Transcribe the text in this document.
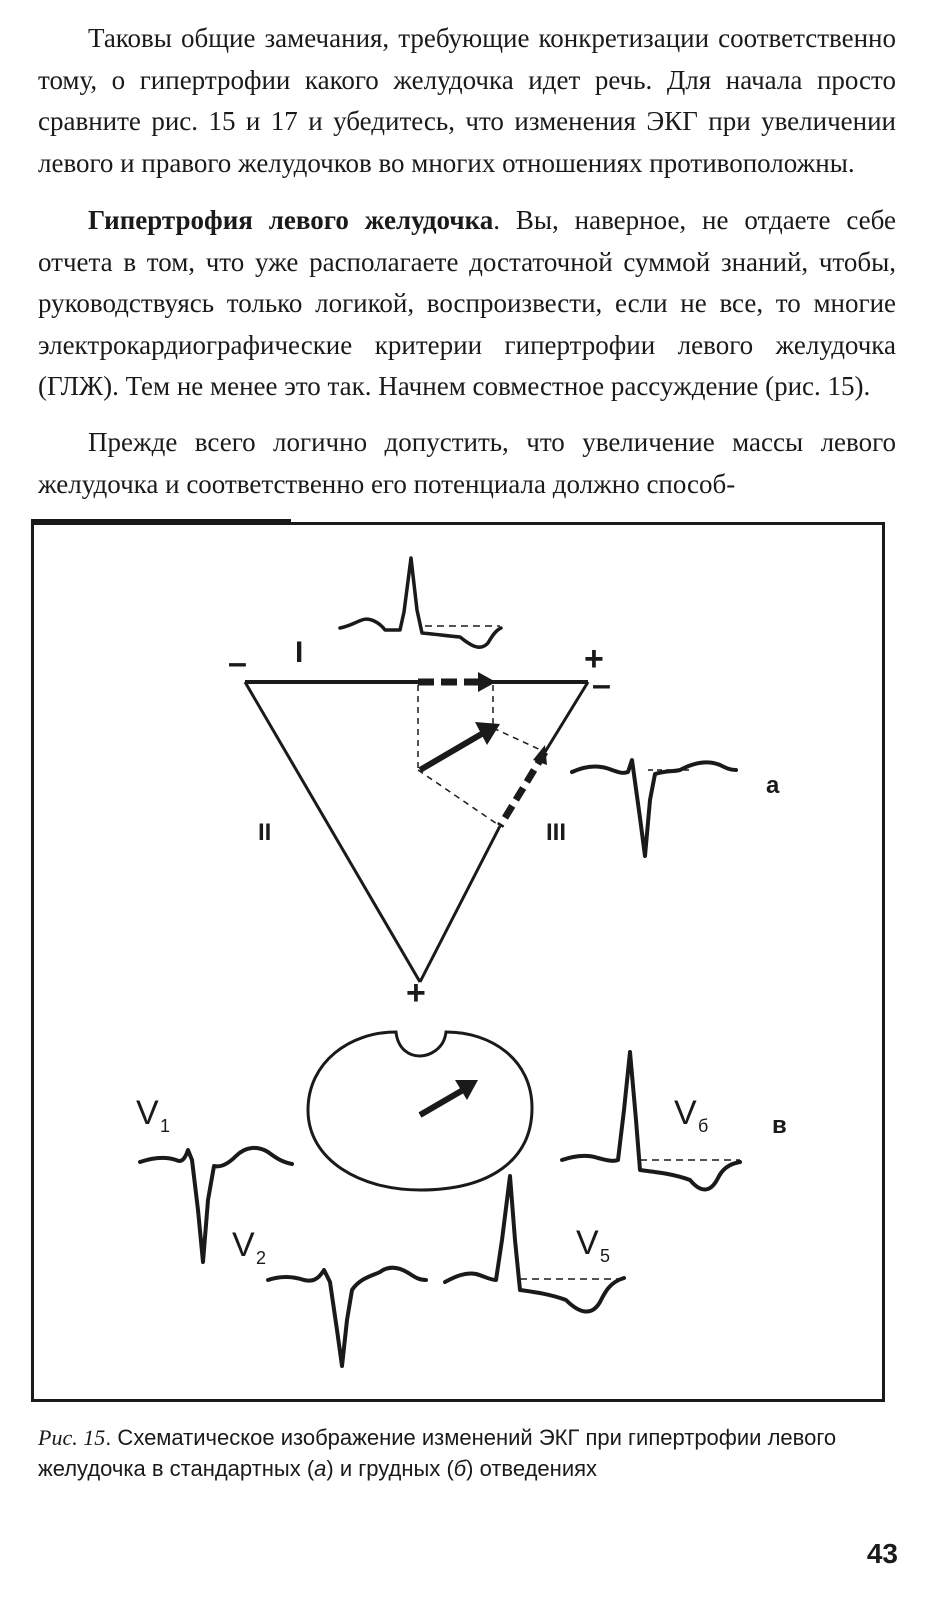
Таковы общие замечания, требующие конкретизации соответственно тому, о гипертрофии какого желудочка идет речь. Для начала просто сравните рис. 15 и 17 и убедитесь, что изменения ЭКГ при увеличении левого и правого желудочков во многих отношениях противоположны.

Гипертрофия левого желудочка. Вы, наверное, не отдаете себе отчета в том, что уже располагаете достаточной суммой знаний, чтобы, руководствуясь только логикой, воспроизвести, если не все, то многие электрокардиографические критерии гипертрофии левого желудочка (ГЛЖ). Тем не менее это так. Начнем совместное рассуждение (рис. 15).

Прежде всего логично допустить, что увеличение массы левого желудочка и соответственно его потенциала должно способ-

I
–	+
–
+
II	III
а
в
V 1
V 2	V 5
V б

Рис. 15. Схематическое изображение изменений ЭКГ при гипертрофии левого желудочка в стандартных (а) и грудных (б) отведениях

43
